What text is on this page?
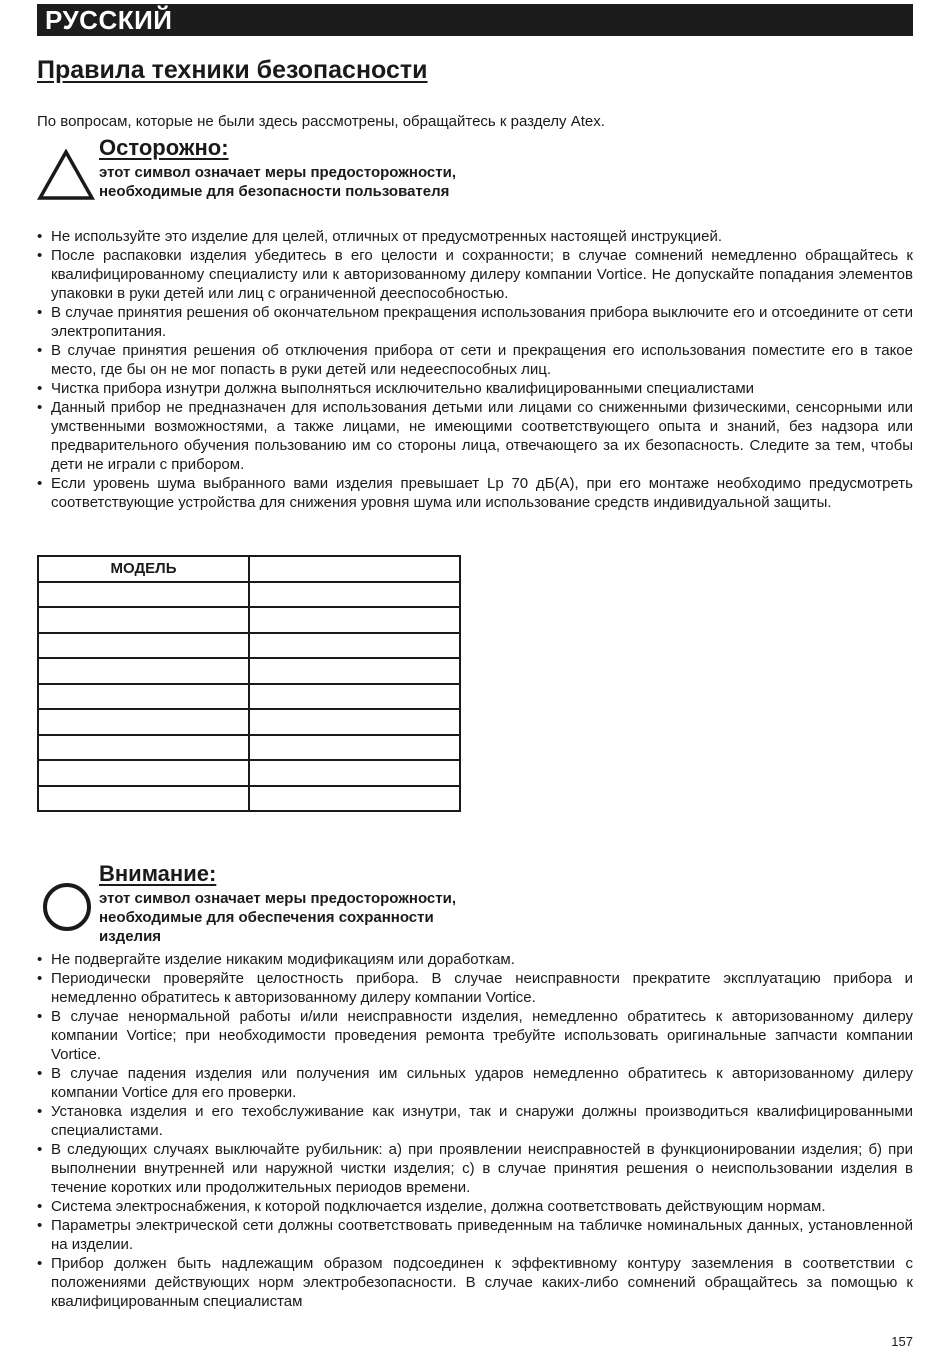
РУССКИЙ
Правила техники безопасности
По вопросам, которые не были здесь рассмотрены, обращайтесь к разделу Atex.
Осторожно:
этот символ означает меры предосторожности, необходимые для безопасности пользователя
• Не используйте это изделие для целей, отличных от предусмотренных настоящей инструкцией.
• После распаковки изделия убедитесь в его целости и сохранности; в случае сомнений немедленно обращайтесь к квалифицированному специалисту или к авторизованному дилеру компании Vortice. Не допускайте попадания элементов упаковки в руки детей или лиц с ограниченной дееспособностью.
• В случае принятия решения об окончательном прекращения использования прибора выключите его и отсоедините от сети электропитания.
• В случае принятия решения об отключения прибора от сети и прекращения его использования поместите его в такое место, где бы он не мог попасть в руки детей или недееспособных лиц.
• Чистка прибора изнутри должна выполняться исключительно квалифицированными специалистами
• Данный прибор не предназначен для использования детьми или лицами со сниженными физическими, сенсорными или умственными возможностями, а также лицами, не имеющими соответствующего опыта и знаний, без надзора или предварительного обучения пользованию им со стороны лица, отвечающего за их безопасность. Следите за тем, чтобы дети не играли с прибором.
• Если уровень шума выбранного вами изделия превышает Lp 70 дБ(А), при его монтаже необходимо предусмотреть соответствующие устройства для снижения уровня шума или использование средств индивидуальной защиты.
МОДЕЛЬ	

Внимание:
этот символ означает меры предосторожности, необходимые для обеспечения сохранности изделия
• Не подвергайте изделие никаким модификациям или доработкам.
• Периодически проверяйте целостность прибора. В случае неисправности прекратите эксплуатацию прибора и немедленно обратитесь к авторизованному дилеру компании Vortice.
• В случае ненормальной работы и/или неисправности изделия, немедленно обратитесь к авторизованному дилеру компании Vortice; при необходимости проведения ремонта требуйте использовать оригинальные запчасти компании Vortice.
• В случае падения изделия или получения им сильных ударов немедленно обратитесь к авторизованному дилеру компании Vortice для его проверки.
• Установка изделия и его техобслуживание как изнутри, так и снаружи должны производиться квалифицированными специалистами.
• В следующих случаях выключайте рубильник: а) при проявлении неисправностей в функционировании изделия; б) при выполнении внутренней или наружной чистки изделия; с) в случае принятия решения о неиспользовании изделия в течение коротких или продолжительных периодов времени.
• Система электроснабжения, к которой подключается изделие, должна соответствовать действующим нормам.
• Параметры электрической сети должны соответствовать приведенным на табличке номинальных данных, установленной на изделии.
• Прибор должен быть надлежащим образом подсоединен к эффективному контуру заземления в соответствии с положениями действующих норм электробезопасности. В случае каких-либо сомнений обращайтесь за помощью к квалифицированным специалистам
157
